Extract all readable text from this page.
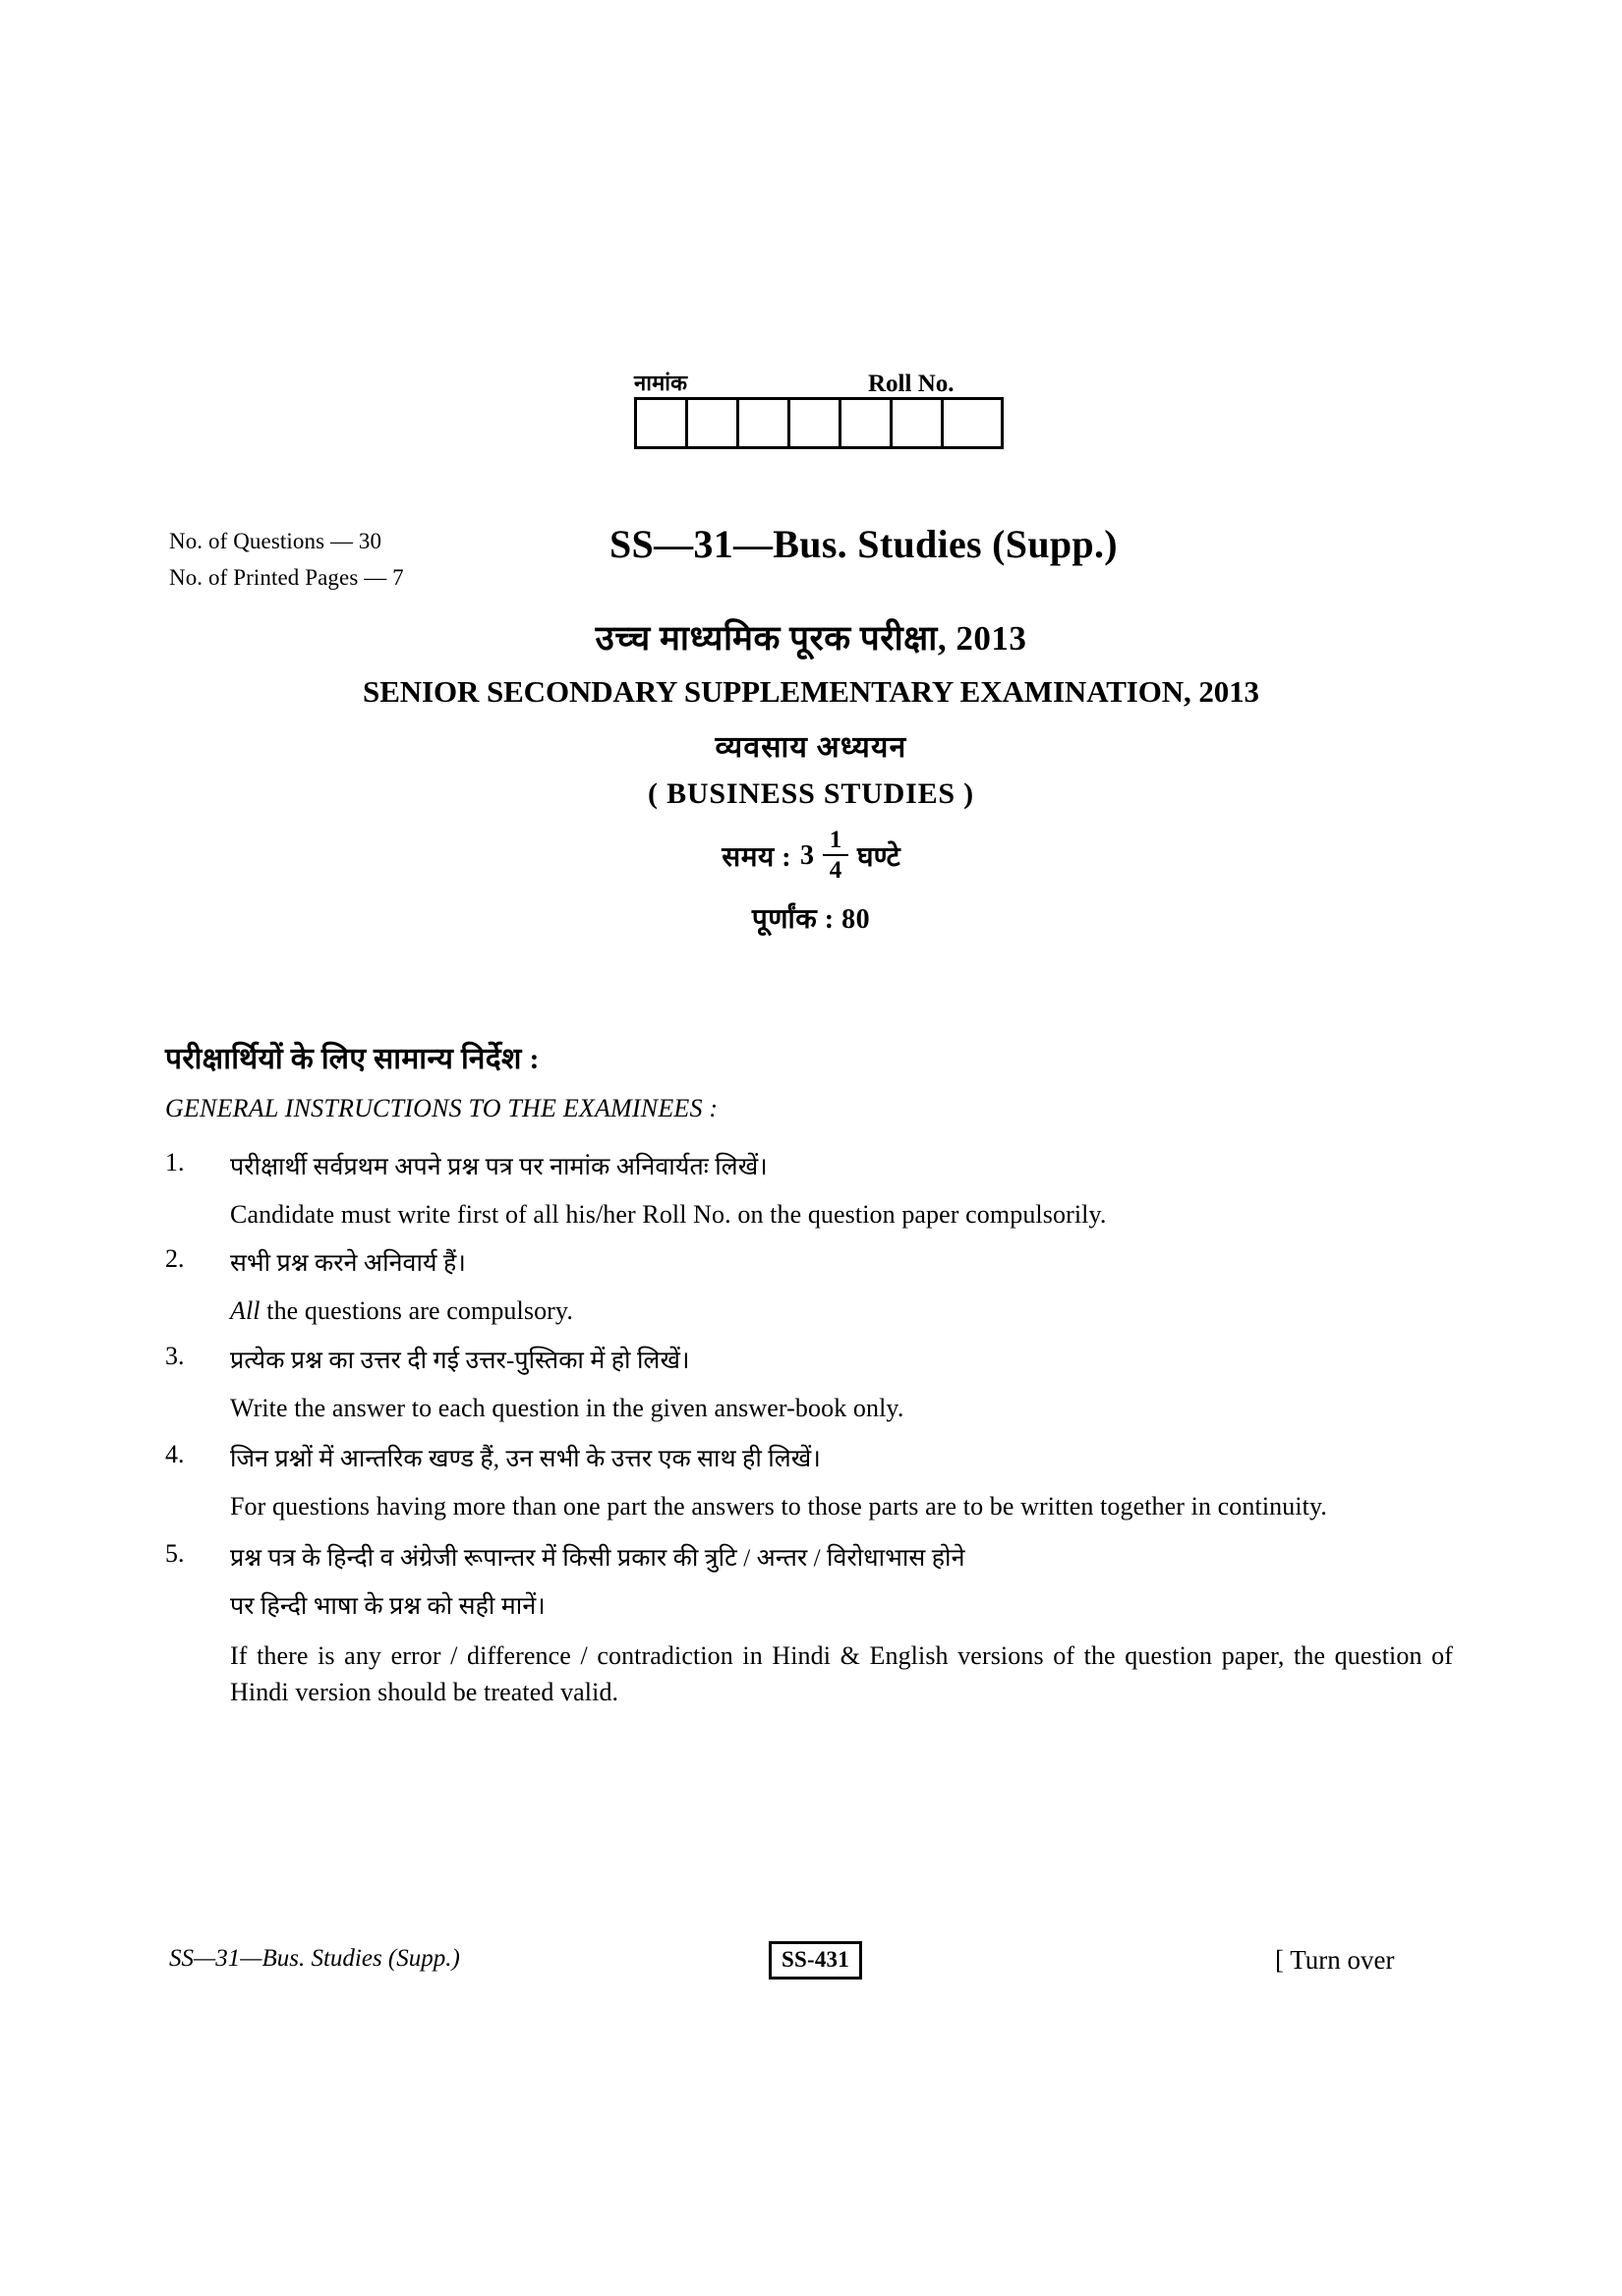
नामांक	Roll No.
No. of Questions — 30
No. of Printed Pages — 7
SS—31—Bus. Studies (Supp.)
उच्च माध्यमिक पूरक परीक्षा, 2013
SENIOR SECONDARY SUPPLEMENTARY EXAMINATION, 2013
व्यवसाय अध्ययन
( BUSINESS STUDIES )
समय : $3 \frac{1}{4}$ घण्टे
पूर्णांक : 80
परीक्षार्थियों के लिए सामान्य निर्देश :
GENERAL INSTRUCTIONS TO THE EXAMINEES :
1.	परीक्षार्थी सर्वप्रथम अपने प्रश्न पत्र पर नामांक अनिवार्यतः लिखें।
Candidate must write first of all his/her Roll No. on the question paper compulsorily.
2.	सभी प्रश्न करने अनिवार्य हैं।
All the questions are compulsory.
3.	प्रत्येक प्रश्न का उत्तर दी गई उत्तर-पुस्तिका में हो लिखें।
Write the answer to each question in the given answer-book only.
4.	जिन प्रश्नों में आन्तरिक खण्ड हैं, उन सभी के उत्तर एक साथ ही लिखें।
For questions having more than one part the answers to those parts are to be written together in continuity.
5.	प्रश्न पत्र के हिन्दी व अंग्रेजी रूपान्तर में किसी प्रकार की त्रुटि / अन्तर / विरोधाभास होने
पर हिन्दी भाषा के प्रश्न को सही मानें।
If there is any error / difference / contradiction in Hindi & English versions of the question paper, the question of Hindi version should be treated valid.
SS—31—Bus. Studies (Supp.)	SS-431	[ Turn over
